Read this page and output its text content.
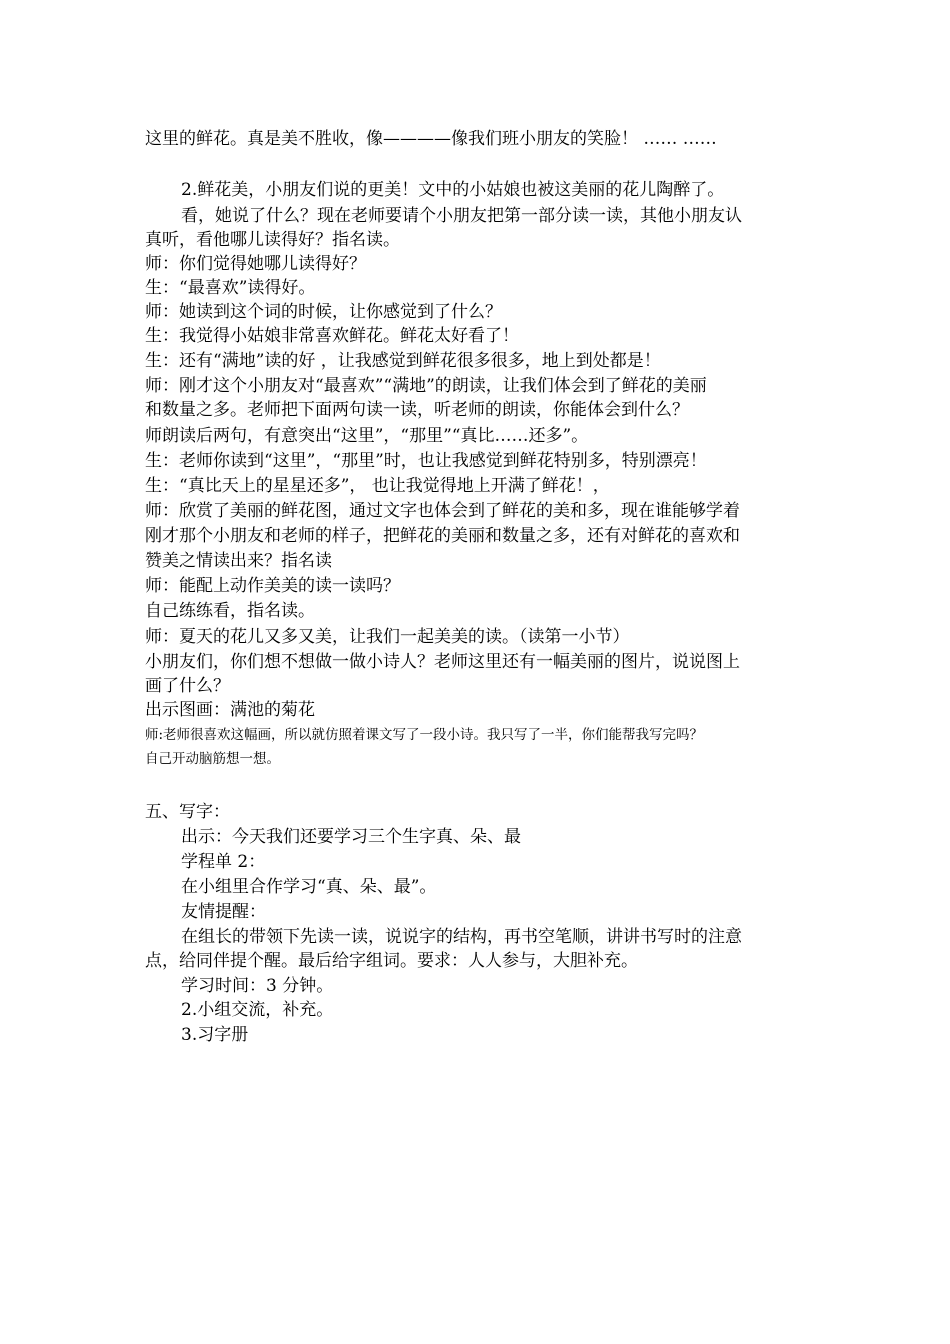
这里的鲜花。真是美不胜收，像————像我们班小朋友的笑脸！ …… ……
2.鲜花美，小朋友们说的更美！文中的小姑娘也被这美丽的花儿陶醉了。
看，她说了什么？现在老师要请个小朋友把第一部分读一读，其他小朋友认
真听，看他哪儿读得好？指名读。
师：你们觉得她哪儿读得好？
生：“最喜欢”读得好。
师：她读到这个词的时候，让你感觉到了什么？
生：我觉得小姑娘非常喜欢鲜花。鲜花太好看了！
生：还有“满地”读的好 ，让我感觉到鲜花很多很多，地上到处都是！
师：刚才这个小朋友对“最喜欢”“满地”的朗读，让我们体会到了鲜花的美丽
和数量之多。老师把下面两句读一读，听老师的朗读，你能体会到什么？
师朗读后两句，有意突出“这里”，“那里”“真比……还多”。
生：老师你读到“这里”，“那里”时，也让我感觉到鲜花特别多，特别漂亮！
生：“真比天上的星星还多”， 也让我觉得地上开满了鲜花！，
师：欣赏了美丽的鲜花图，通过文字也体会到了鲜花的美和多，现在谁能够学着
刚才那个小朋友和老师的样子，把鲜花的美丽和数量之多，还有对鲜花的喜欢和
赞美之情读出来？指名读
师：能配上动作美美的读一读吗？
自己练练看，指名读。
师：夏天的花儿又多又美，让我们一起美美的读。（读第一小节）
小朋友们，你们想不想做一做小诗人？老师这里还有一幅美丽的图片，说说图上
画了什么？
出示图画：满池的菊花
师:老师很喜欢这幅画，所以就仿照着课文写了一段小诗。我只写了一半，你们能帮我写完吗？
自己开动脑筋想一想。
五、写字：
出示：今天我们还要学习三个生字真、朵、最
学程单 2：
在小组里合作学习“真、朵、最”。
友情提醒：
在组长的带领下先读一读，说说字的结构，再书空笔顺，讲讲书写时的注意
点，给同伴提个醒。最后给字组词。要求：人人参与，大胆补充。
学习时间：3 分钟。
2.小组交流，补充。
3.习字册
